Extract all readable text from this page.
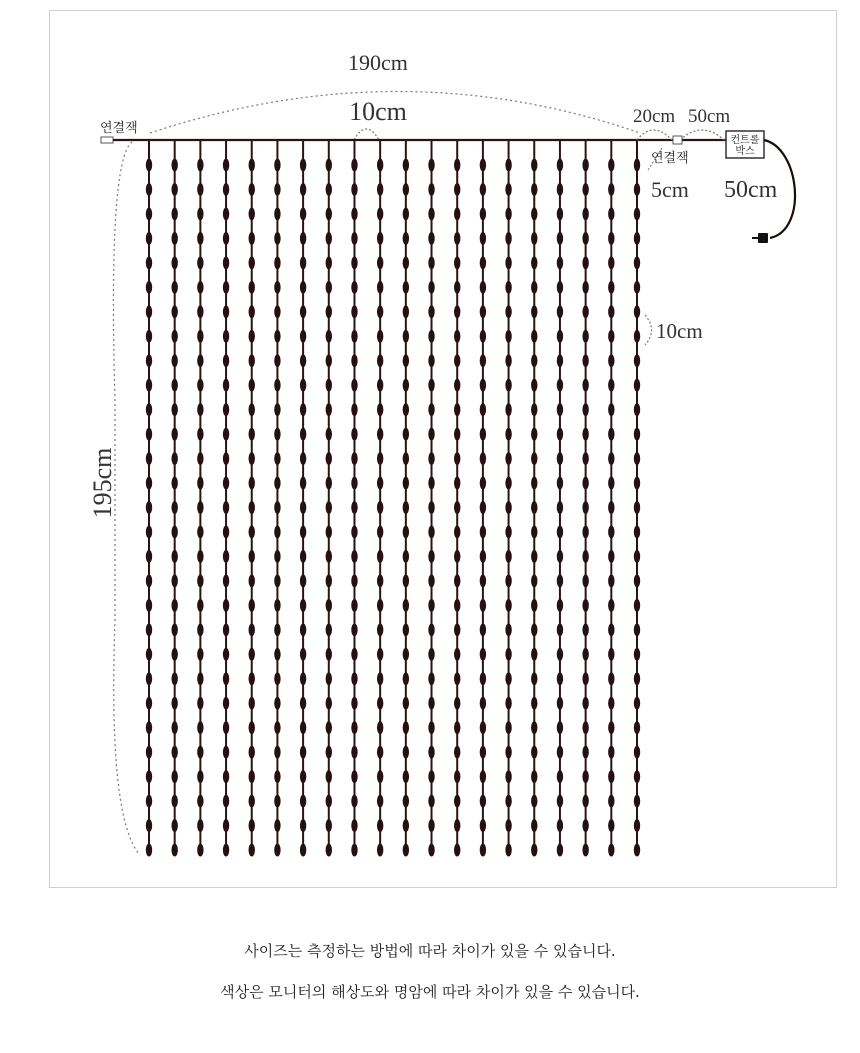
190cm
10cm
연결잭
195cm
20cm 50cm
연결잭
5cm
컨트롤
박스
50cm
10cm
사이즈는 측정하는 방법에 따라 차이가 있을 수 있습니다.
색상은 모니터의 해상도와 명암에 따라 차이가 있을 수 있습니다.
